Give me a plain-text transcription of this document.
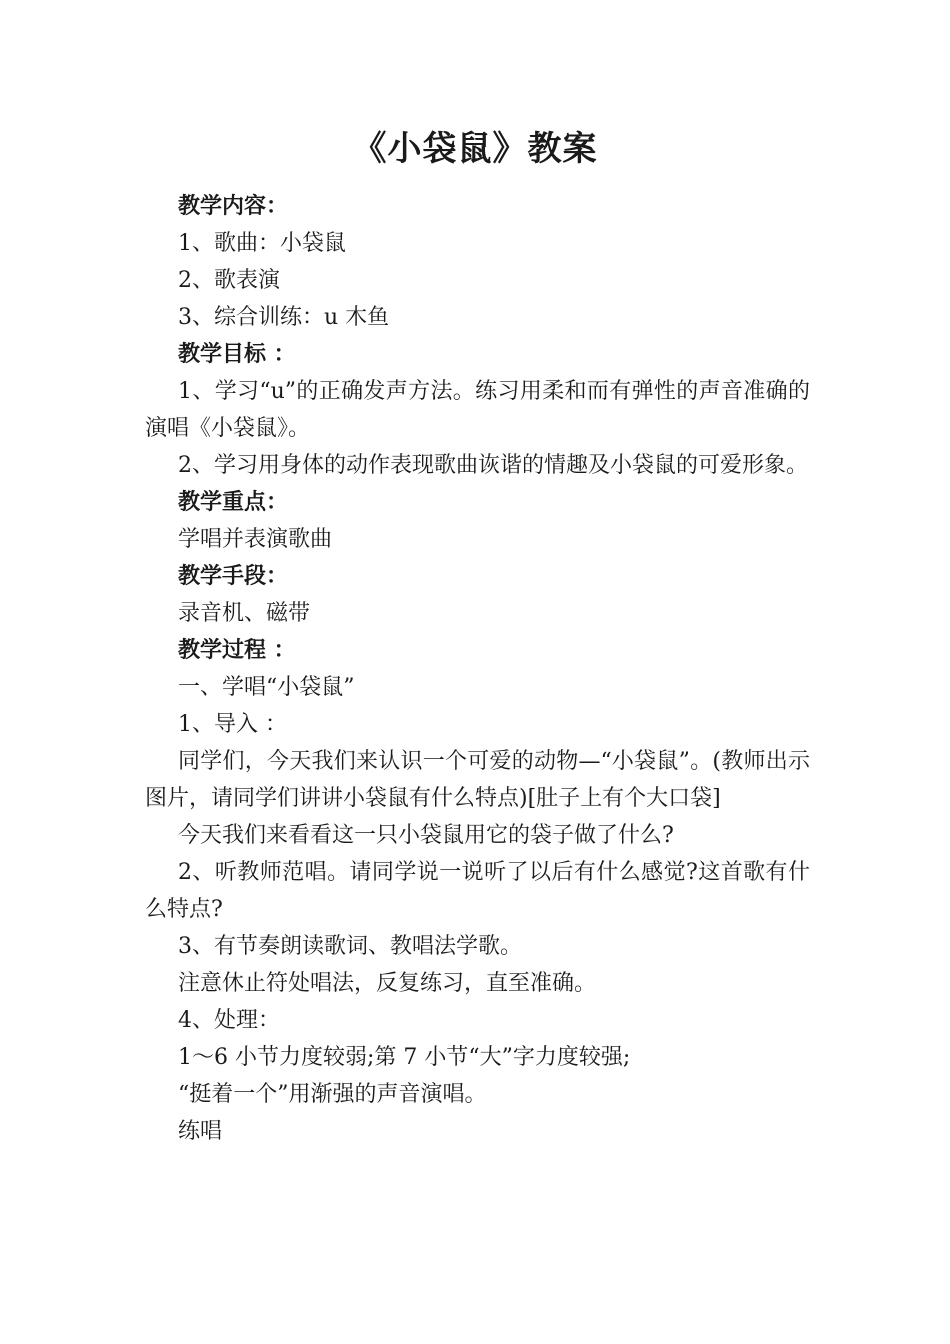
《小袋鼠》教案

教学内容：

1、歌曲：小袋鼠

2、歌表演

3、综合训练：u 木鱼

教学目标 ：

1、学习“u”的正确发声方法。练习用柔和而有弹性的声音准确的演唱《小袋鼠》。

2、学习用身体的动作表现歌曲诙谐的情趣及小袋鼠的可爱形象。

教学重点：

学唱并表演歌曲

教学手段：

录音机、磁带

教学过程 ：

一、学唱“小袋鼠”

1、导入 ：

同学们，今天我们来认识一个可爱的动物—“小袋鼠”。(教师出示图片，请同学们讲讲小袋鼠有什么特点)[肚子上有个大口袋]

今天我们来看看这一只小袋鼠用它的袋子做了什么?

2、听教师范唱。请同学说一说听了以后有什么感觉?这首歌有什么特点?

3、有节奏朗读歌词、教唱法学歌。

注意休止符处唱法，反复练习，直至准确。

4、处理：

1～6 小节力度较弱;第 7 小节“大”字力度较强;

“挺着一个”用渐强的声音演唱。

练唱
